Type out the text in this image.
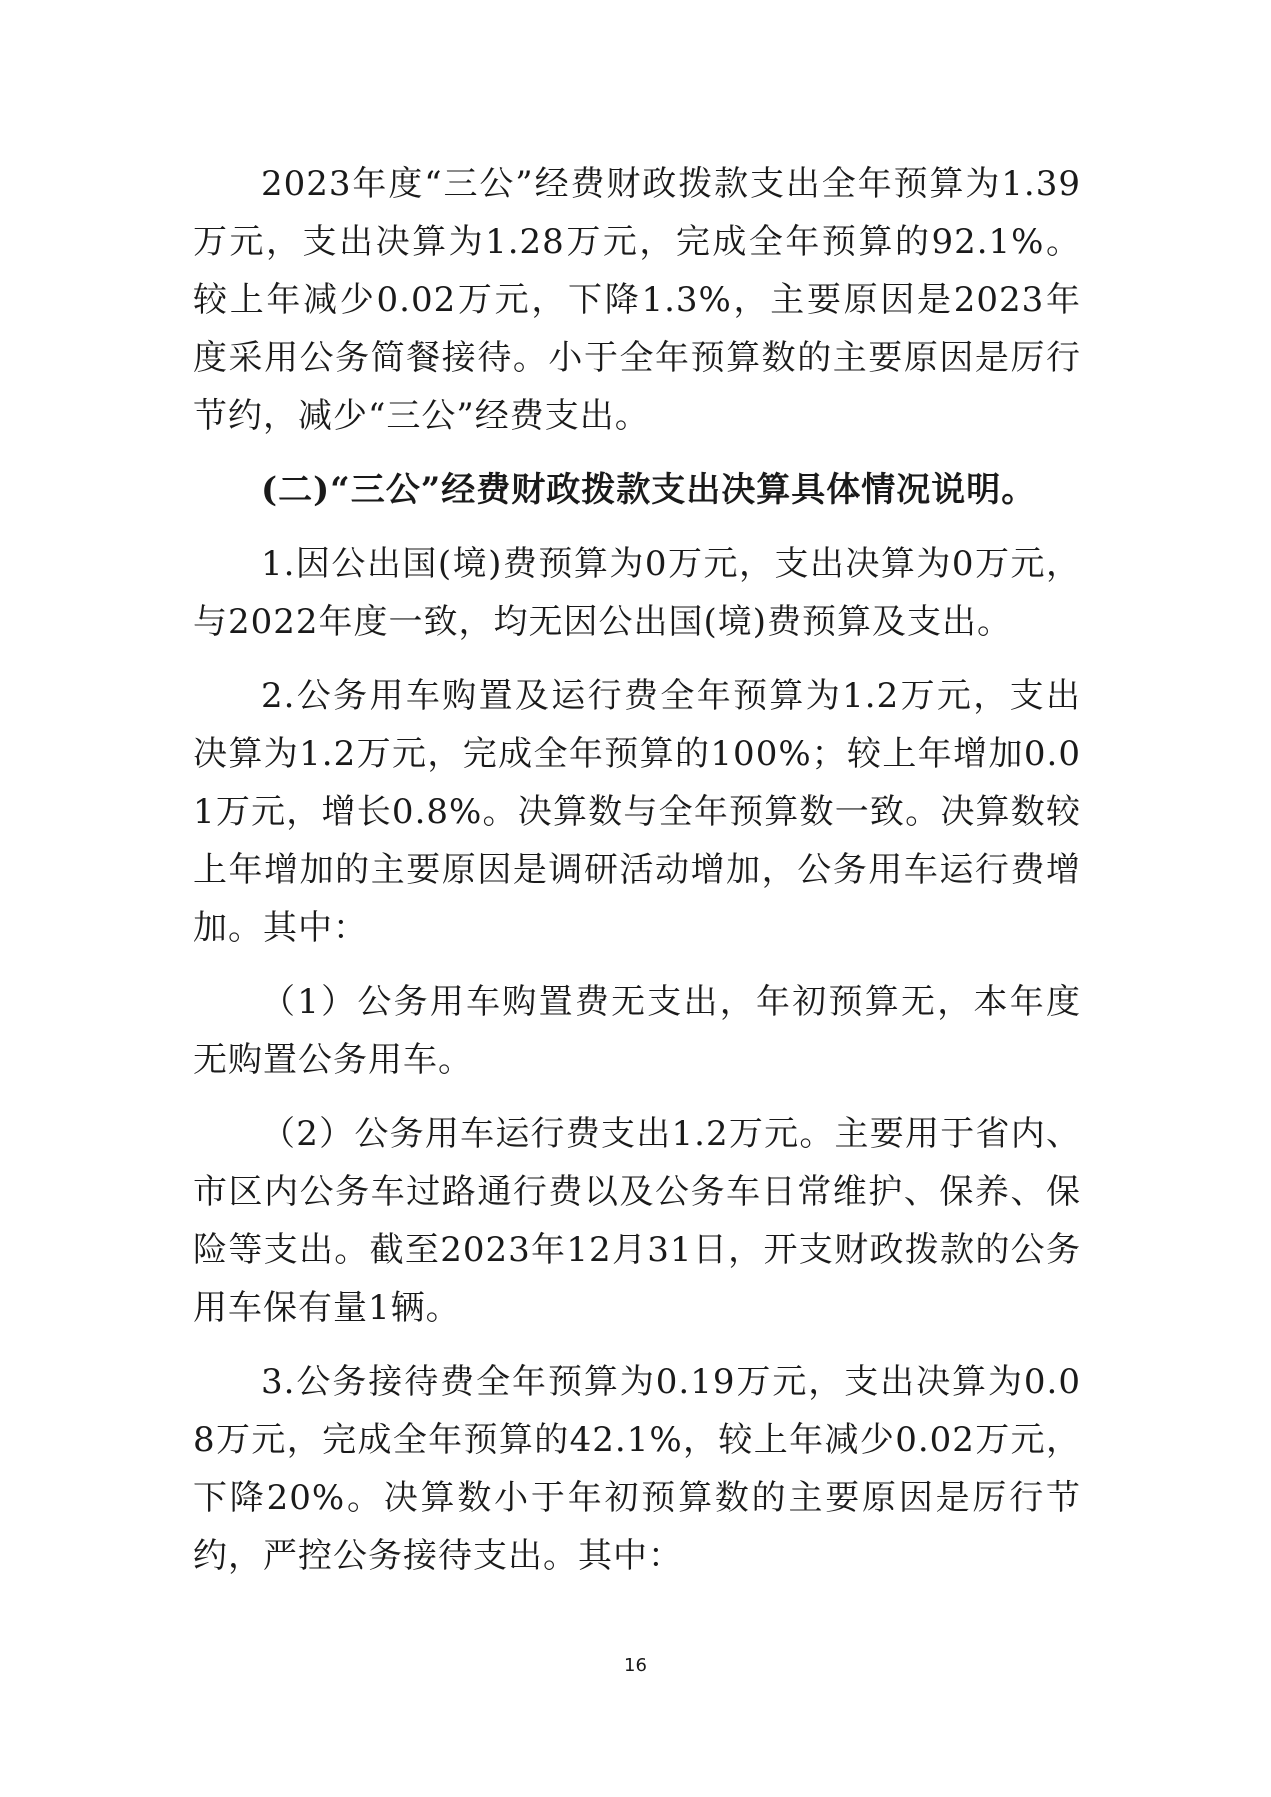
2023年度“三公”经费财政拨款支出全年预算为1.39万元，支出决算为1.28万元，完成全年预算的92.1%。较上年减少0.02万元，下降1.3%，主要原因是2023年度采用公务简餐接待。小于全年预算数的主要原因是厉行节约，减少“三公”经费支出。

(二)“三公”经费财政拨款支出决算具体情况说明。

1.因公出国(境)费预算为0万元，支出决算为0万元，与2022年度一致，均无因公出国(境)费预算及支出。

2.公务用车购置及运行费全年预算为1.2万元，支出决算为1.2万元，完成全年预算的100%；较上年增加0.01万元，增长0.8%。决算数与全年预算数一致。决算数较上年增加的主要原因是调研活动增加，公务用车运行费增加。其中：

（1）公务用车购置费无支出，年初预算无，本年度无购置公务用车。

（2）公务用车运行费支出1.2万元。主要用于省内、市区内公务车过路通行费以及公务车日常维护、保养、保险等支出。截至2023年12月31日，开支财政拨款的公务用车保有量1辆。

3.公务接待费全年预算为0.19万元，支出决算为0.08万元，完成全年预算的42.1%，较上年减少0.02万元，下降20%。决算数小于年初预算数的主要原因是厉行节约，严控公务接待支出。其中：

16
